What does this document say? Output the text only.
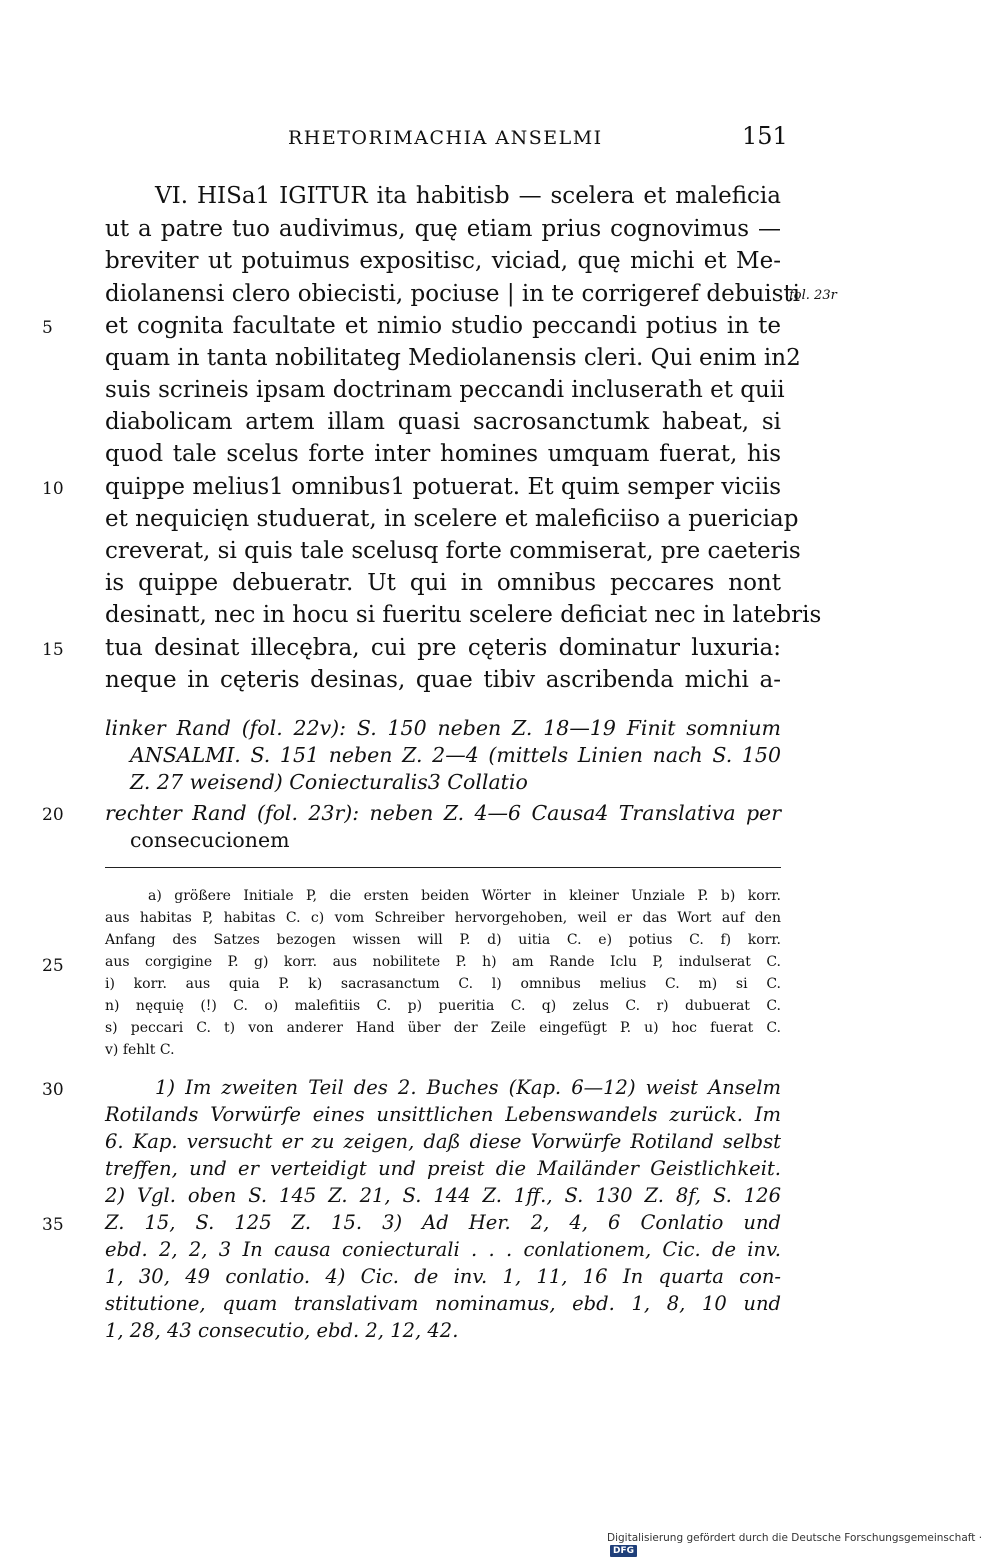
RHETORIMACHIA ANSELMI	151
VI. HISa1 IGITUR ita habitisb — scelera et maleficia
ut a patre tuo audivimus, quę etiam prius cognovimus —
breviter ut potuimus expositisc, viciad, quę michi et Me-
diolanensi clero obiecisti, pociuse | in te corrigeref debuisti
et cognita facultate et nimio studio peccandi potius in te
quam in tanta nobilitateg Mediolanensis cleri. Qui enim in2
suis scrineis ipsam doctrinam peccandi incluserath et quii
diabolicam artem illam quasi sacrosanctumk habeat, si
quod tale scelus forte inter homines umquam fuerat, his
quippe melius1 omnibus1 potuerat. Et quim semper viciis
et nequicięn studuerat, in scelere et maleficiiso a puericiap
creverat, si quis tale scelusq forte commiserat, pre caeteris
is quippe debueratr. Ut qui in omnibus peccares nont
desinatt, nec in hocu si fueritu scelere deficiat nec in latebris
tua desinat illecębra, cui pre cęteris dominatur luxuria:
neque in cęteris desinas, quae tibiv ascribenda michi a-
5
10
15
fol. 23r
linker Rand (fol. 22v): S. 150 neben Z. 18—19 Finit somnium
ANSALMI. S. 151 neben Z. 2—4 (mittels Linien nach S. 150
Z. 27 weisend) Coniecturalis3 Collatio
rechter Rand (fol. 23r): neben Z. 4—6 Causa4 Translativa per
consecucionem
20
a) größere Initiale P, die ersten beiden Wörter in kleiner Unziale P. b) korr.
aus habitas P, habitas C. c) vom Schreiber hervorgehoben, weil er das Wort auf den
Anfang des Satzes bezogen wissen will P. d) uitia C. e) potius C. f) korr.
aus corgigine P. g) korr. aus nobilitete P. h) am Rande Iclu P, indulserat C.
i) korr. aus quia P. k) sacrasanctum C. l) omnibus melius C. m) si C.
n) nęquię (!) C. o) malefitiis C. p) pueritia C. q) zelus C. r) dubuerat C.
s) peccari C. t) von anderer Hand über der Zeile eingefügt P. u) hoc fuerat C.
v) fehlt C.
25
1) Im zweiten Teil des 2. Buches (Kap. 6—12) weist Anselm
Rotilands Vorwürfe eines unsittlichen Lebenswandels zurück. Im
6. Kap. versucht er zu zeigen, daß diese Vorwürfe Rotiland selbst
treffen, und er verteidigt und preist die Mailänder Geistlichkeit.
2) Vgl. oben S. 145 Z. 21, S. 144 Z. 1ff., S. 130 Z. 8f, S. 126
Z. 15, S. 125 Z. 15. 3) Ad Her. 2, 4, 6 Conlatio und
ebd. 2, 2, 3 In causa coniecturali . . . conlationem, Cic. de inv.
1, 30, 49 conlatio. 4) Cic. de inv. 1, 11, 16 In quarta con-
stitutione, quam translativam nominamus, ebd. 1, 8, 10 und
1, 28, 43 consecutio, ebd. 2, 12, 42.
30
35
Digitalisierung gefördert durch die Deutsche Forschungsgemeinschaft ·DFG
